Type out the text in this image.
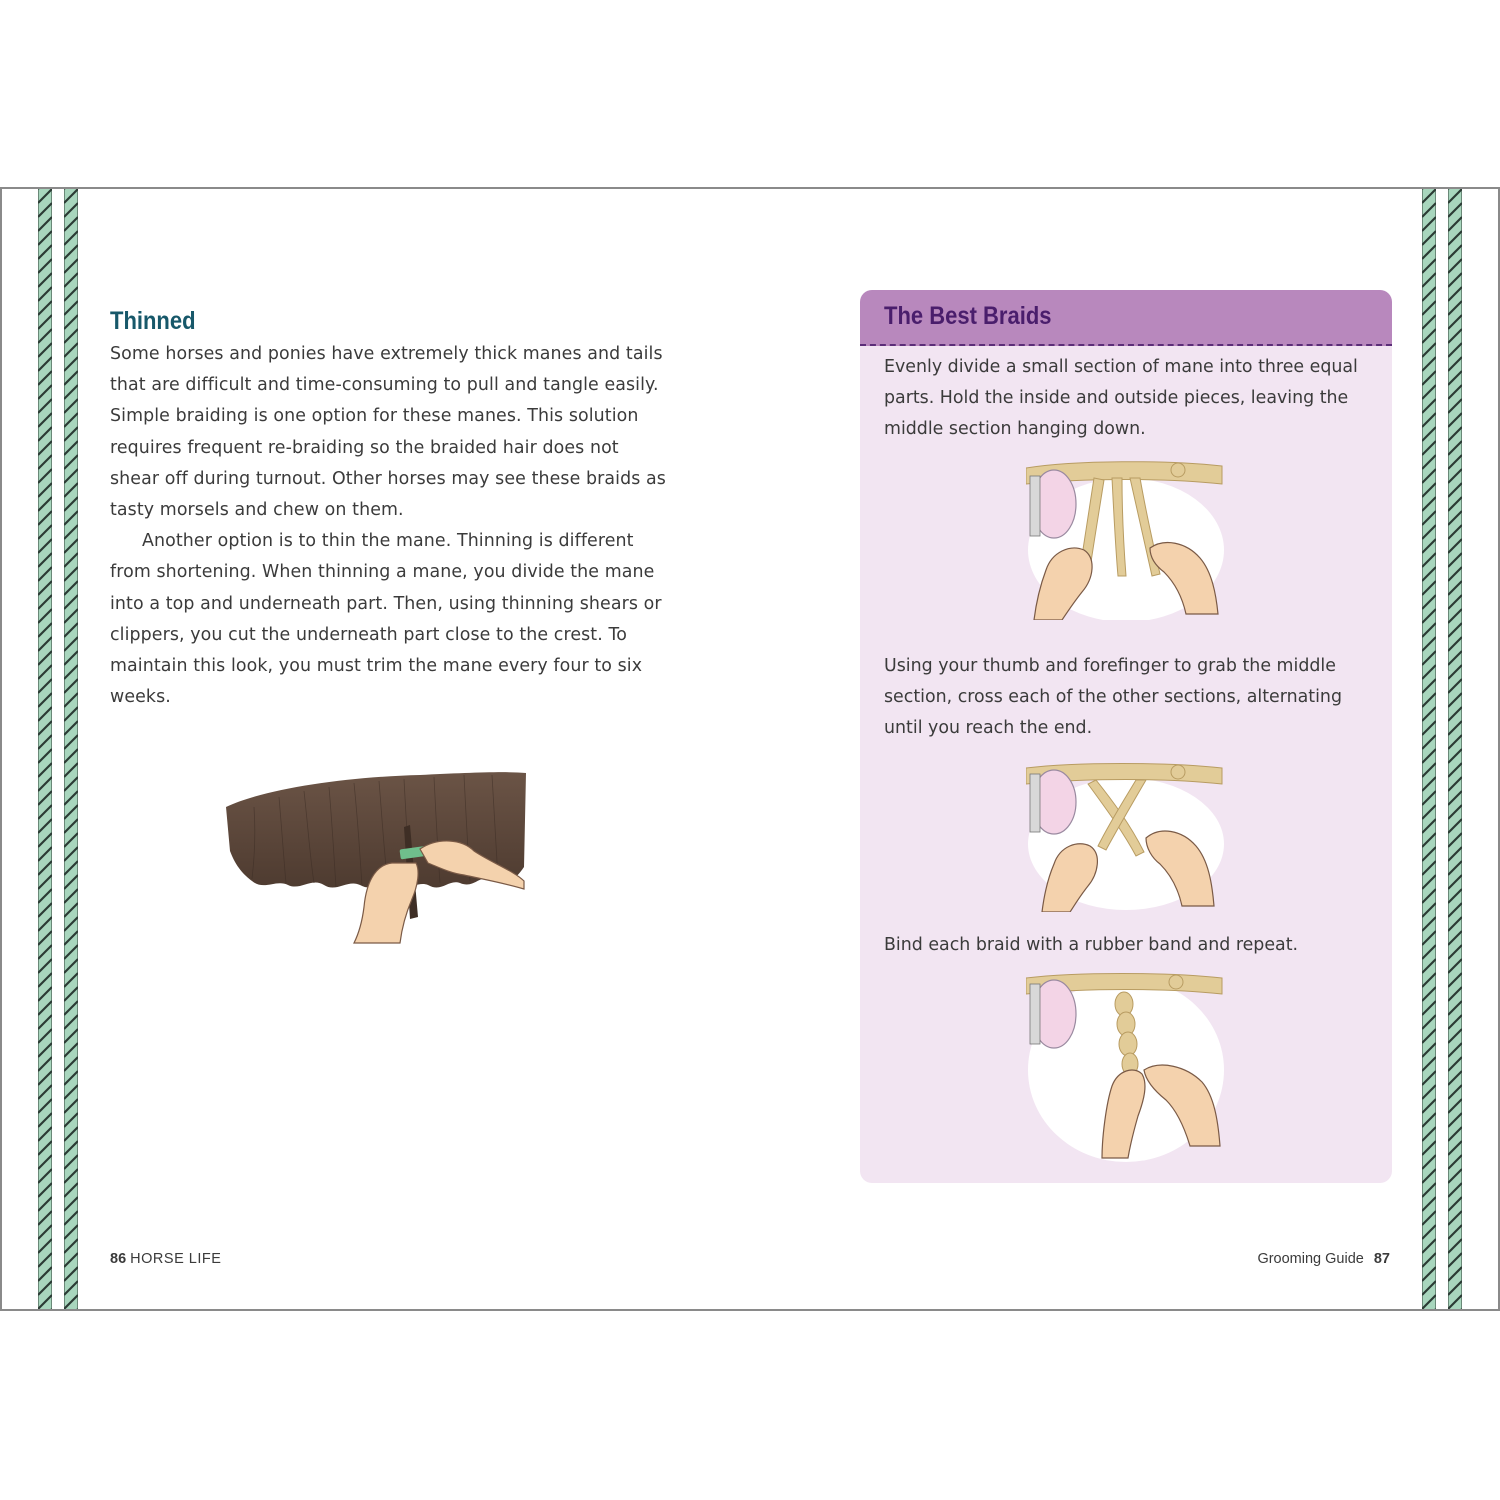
Thinned

Some horses and ponies have extremely thick manes and tails that are difficult and time-consuming to pull and tangle easily. Simple braiding is one option for these manes. This solution requires frequent re-braiding so the braided hair does not shear off during turnout. Other horses may see these braids as tasty morsels and chew on them.

Another option is to thin the mane. Thinning is different from shortening. When thinning a mane, you divide the mane into a top and underneath part. Then, using thinning shears or clippers, you cut the underneath part close to the crest. To maintain this look, you must trim the mane every four to six weeks.

86 HORSE LIFE
The Best Braids

Evenly divide a small section of mane into three equal parts. Hold the inside and outside pieces, leaving the middle section hanging down.

Using your thumb and forefinger to grab the middle section, cross each of the other sections, alternating until you reach the end.

Bind each braid with a rubber band and repeat.

Grooming Guide 87
